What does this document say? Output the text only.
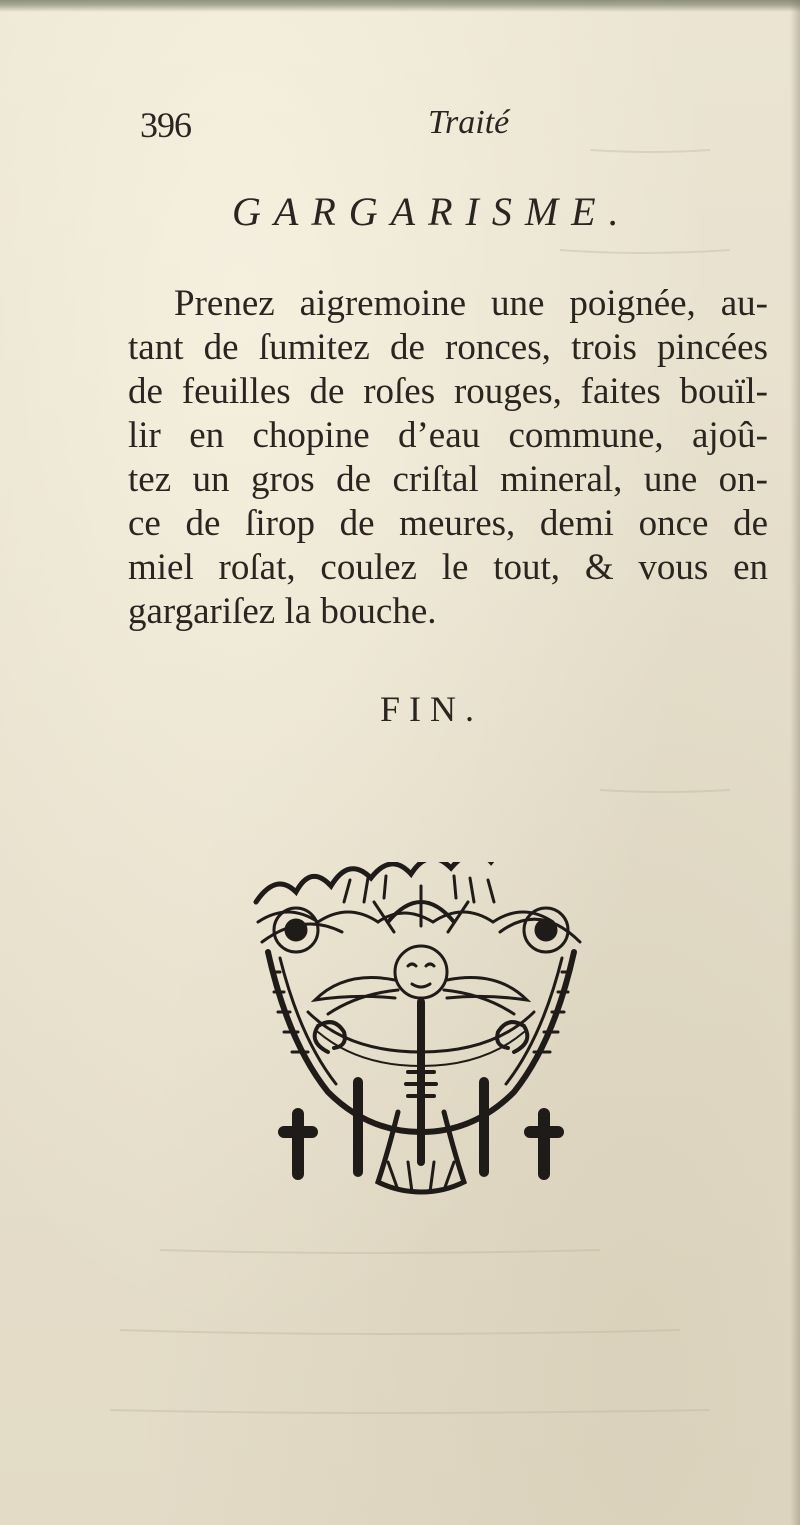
396	Traité
GARGARISME.
Prenez aigremoine une poignée, au-
tant de ſumitez de ronces, trois pincées
de feuilles de roſes rouges, faites bouïl-
lir en chopine d’eau commune, ajoû-
tez un gros de criſtal mineral, une on-
ce de ſirop de meures, demi once de
miel roſat, coulez le tout, & vous en
gargariſez la bouche.
FIN.
